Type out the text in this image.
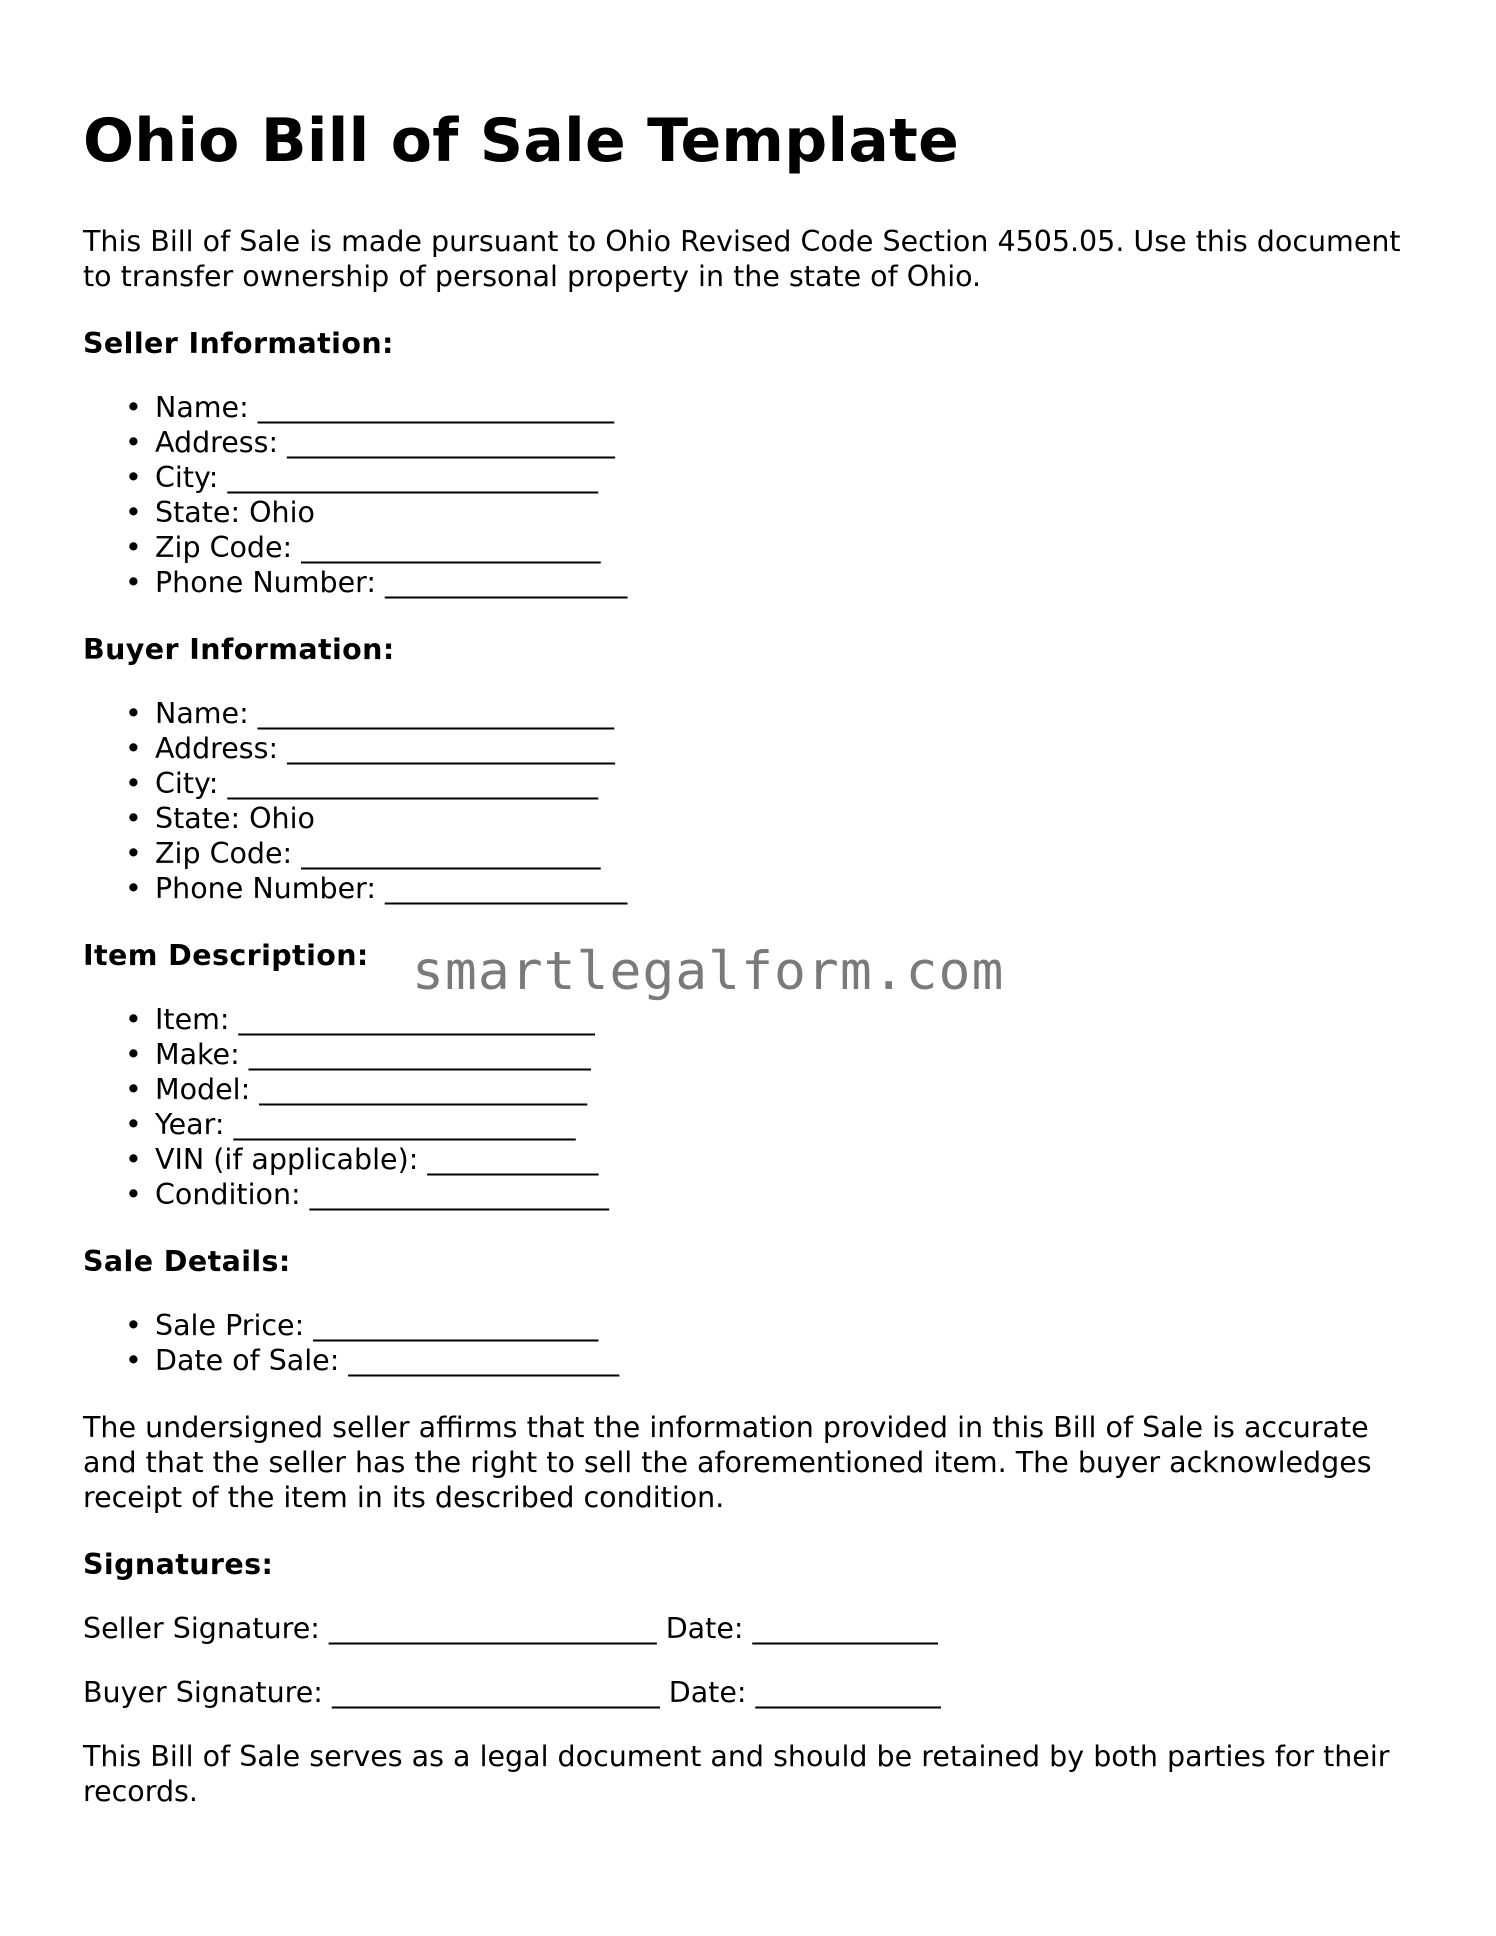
Ohio Bill of Sale Template

This Bill of Sale is made pursuant to Ohio Revised Code Section 4505.05. Use this document to transfer ownership of personal property in the state of Ohio.

Seller Information:
• Name: _________________________
• Address: _______________________
• City: __________________________
• State: Ohio
• Zip Code: _____________________
• Phone Number: _________________
Buyer Information:
• Name: _________________________
• Address: _______________________
• City: __________________________
• State: Ohio
• Zip Code: _____________________
• Phone Number: _________________
Item Description:
• Item: _________________________
• Make: ________________________
• Model: _______________________
• Year: ________________________
• VIN (if applicable): ____________
• Condition: _____________________
Sale Details:
• Sale Price: ____________________
• Date of Sale: ___________________

The undersigned seller affirms that the information provided in this Bill of Sale is accurate and that the seller has the right to sell the aforementioned item. The buyer acknowledges receipt of the item in its described condition.

Signatures:

Seller Signature: _______________________ Date: _____________

Buyer Signature: _______________________ Date: _____________

This Bill of Sale serves as a legal document and should be retained by both parties for their records.

smartlegalform.com
